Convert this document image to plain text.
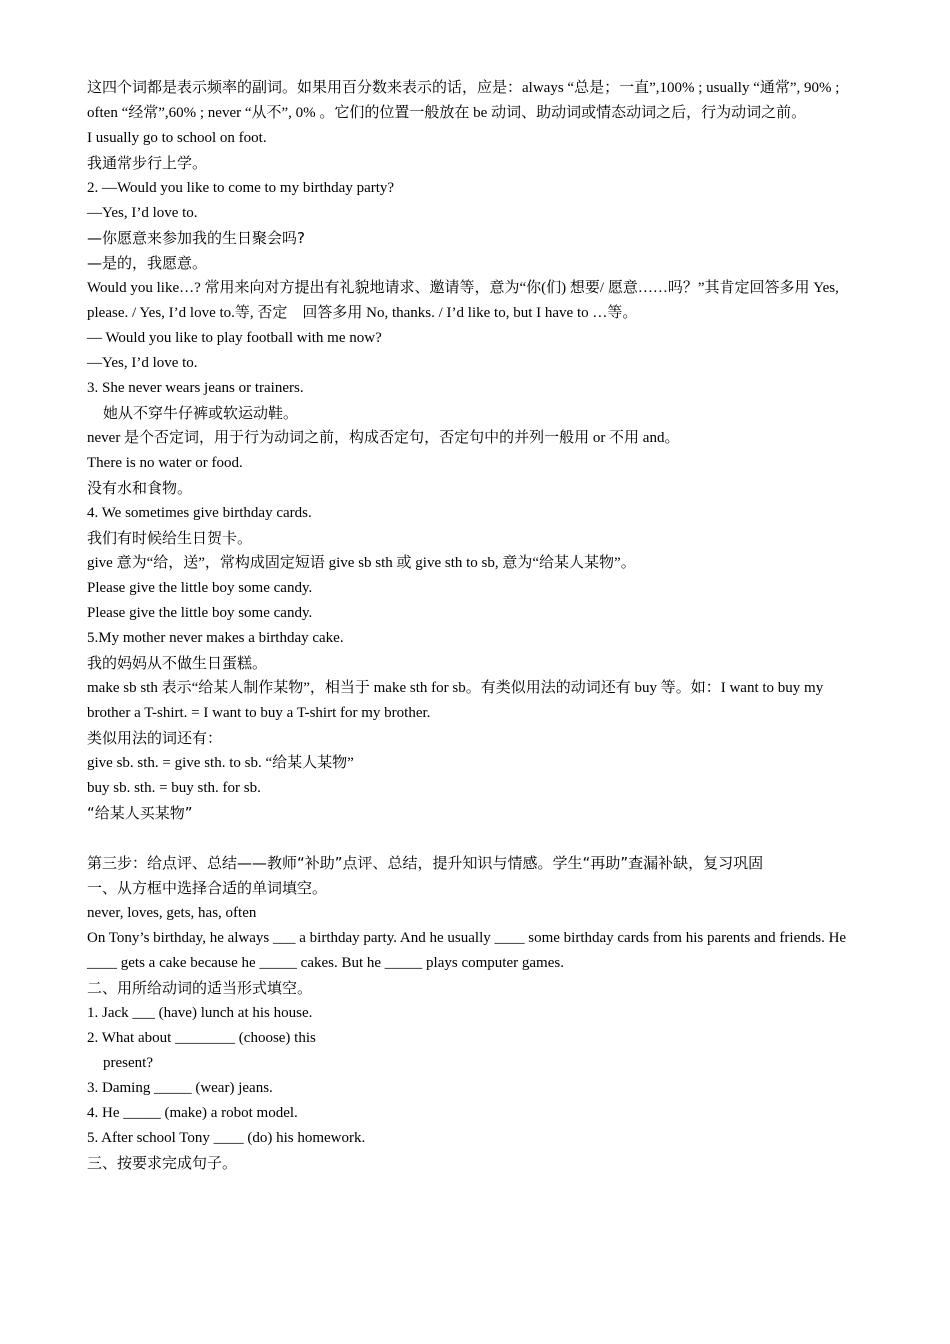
这四个词都是表示频率的副词。如果用百分数来表示的话，应是：always “总是；一直”,100% ; usually “通常”, 90% ; often “经常”,60% ; never “从不”, 0% 。它们的位置一般放在 be 动词、助动词或情态动词之后，行为动词之前。

I usually go to school on foot.

我通常步行上学。

2. —Would you like to come to my birthday party?

—Yes, I’d love to.

—你愿意来参加我的生日聚会吗?

—是的，我愿意。

Would you like…? 常用来向对方提出有礼貌地请求、邀请等，意为“你(们) 想要/ 愿意……吗？”其肯定回答多用 Yes, please. / Yes, I’d love to.等, 否定　回答多用 No, thanks. / I’d like to, but I have to …等。

— Would you like to play football with me now?

—Yes, I’d love to.

3. She never wears jeans or trainers.

她从不穿牛仔裤或软运动鞋。

never 是个否定词，用于行为动词之前，构成否定句，否定句中的并列一般用 or 不用 and。

There is no water or food.

没有水和食物。

4. We sometimes give birthday cards.

我们有时候给生日贺卡。

give 意为“给，送”，常构成固定短语 give sb sth 或 give sth to sb, 意为“给某人某物”。

Please give the little boy some candy.

Please give the little boy some candy.

5.My mother never makes a birthday cake.

我的妈妈从不做生日蛋糕。

make sb sth 表示“给某人制作某物”，相当于 make sth for sb。有类似用法的动词还有 buy 等。如：I want to buy my brother a T-shirt. = I want to buy a T-shirt for my brother.

类似用法的词还有：

give sb. sth. = give sth. to sb. “给某人某物”

buy sb. sth. = buy sth. for sb.

“给某人买某物”

第三步：给点评、总结——教师“补助”点评、总结，提升知识与情感。学生“再助”查漏补缺，复习巩固

一、从方框中选择合适的单词填空。

never, loves, gets, has, often

On Tony’s birthday, he always ___ a birthday party. And he usually ____ some birthday cards from his parents and friends. He ____ gets a cake because he _____ cakes. But he _____ plays computer games.

二、用所给动词的适当形式填空。

1. Jack ___ (have) lunch at his house.

2. What about ________ (choose) this

present?

3. Daming _____ (wear) jeans.

4. He _____ (make) a robot model.

5. After school Tony ____ (do) his homework.

三、按要求完成句子。
